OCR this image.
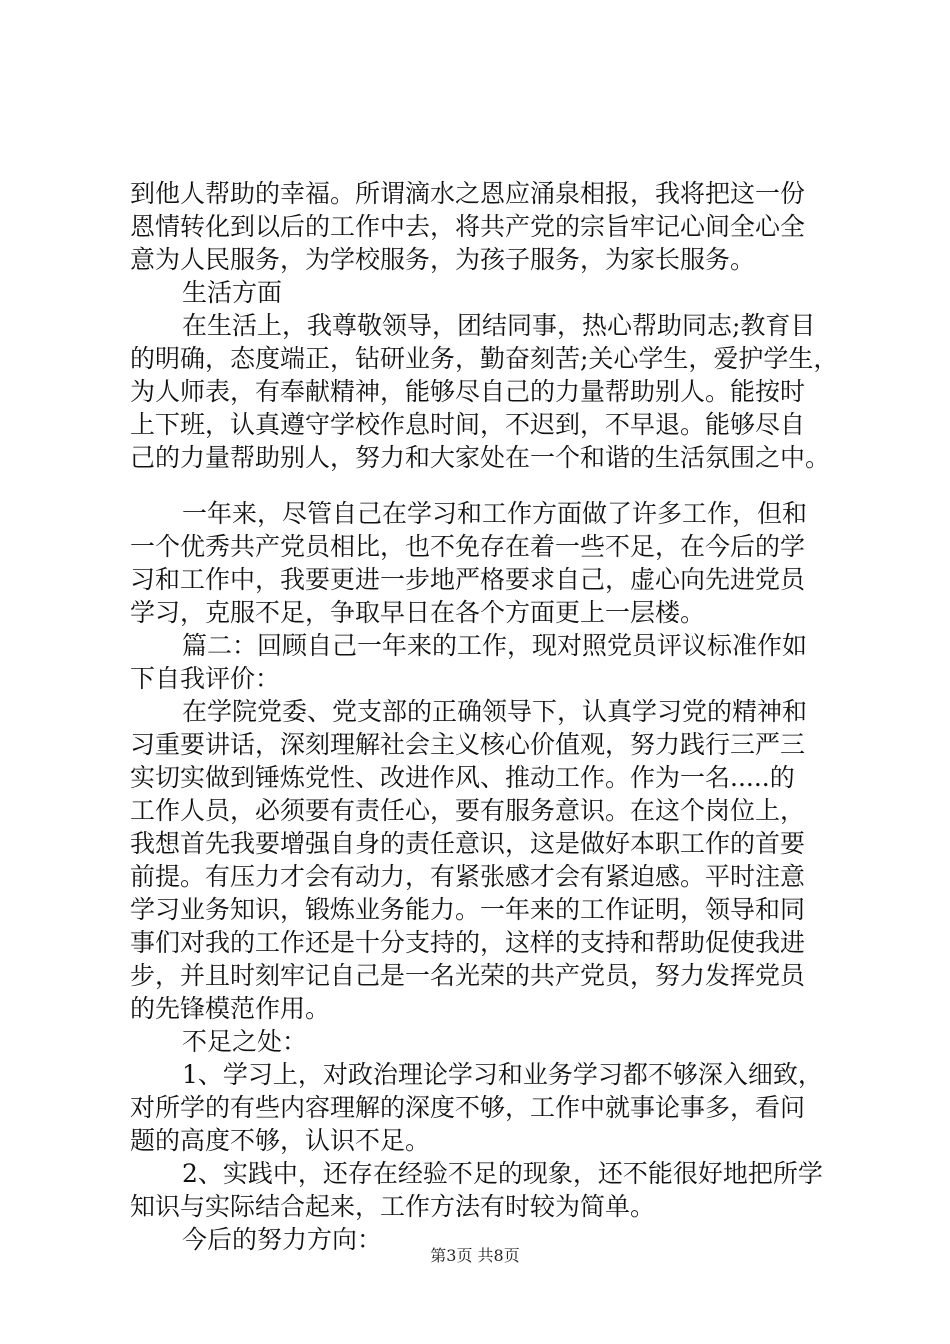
到他人帮助的幸福。所谓滴水之恩应涌泉相报，我将把这一份
恩情转化到以后的工作中去，将共产党的宗旨牢记心间全心全
意为人民服务，为学校服务，为孩子服务，为家长服务。
生活方面
在生活上，我尊敬领导，团结同事，热心帮助同志;教育目
的明确，态度端正，钻研业务，勤奋刻苦;关心学生，爱护学生，
为人师表，有奉献精神，能够尽自己的力量帮助别人。能按时
上下班，认真遵守学校作息时间，不迟到，不早退。能够尽自
己的力量帮助别人，努力和大家处在一个和谐的生活氛围之中。
一年来，尽管自己在学习和工作方面做了许多工作，但和
一个优秀共产党员相比，也不免存在着一些不足，在今后的学
习和工作中，我要更进一步地严格要求自己，虚心向先进党员
学习，克服不足，争取早日在各个方面更上一层楼。
篇二：回顾自己一年来的工作，现对照党员评议标准作如
下自我评价：
在学院党委、党支部的正确领导下，认真学习党的精神和
习重要讲话，深刻理解社会主义核心价值观，努力践行三严三
实切实做到锤炼党性、改进作风、推动工作。作为一名.....的
工作人员，必须要有责任心，要有服务意识。在这个岗位上，
我想首先我要增强自身的责任意识，这是做好本职工作的首要
前提。有压力才会有动力，有紧张感才会有紧迫感。平时注意
学习业务知识，锻炼业务能力。一年来的工作证明，领导和同
事们对我的工作还是十分支持的，这样的支持和帮助促使我进
步，并且时刻牢记自己是一名光荣的共产党员，努力发挥党员
的先锋模范作用。
不足之处：
1、学习上，对政治理论学习和业务学习都不够深入细致，
对所学的有些内容理解的深度不够，工作中就事论事多，看问
题的高度不够，认识不足。
2、实践中，还存在经验不足的现象，还不能很好地把所学
知识与实际结合起来，工作方法有时较为简单。
今后的努力方向：
第3页 共8页
